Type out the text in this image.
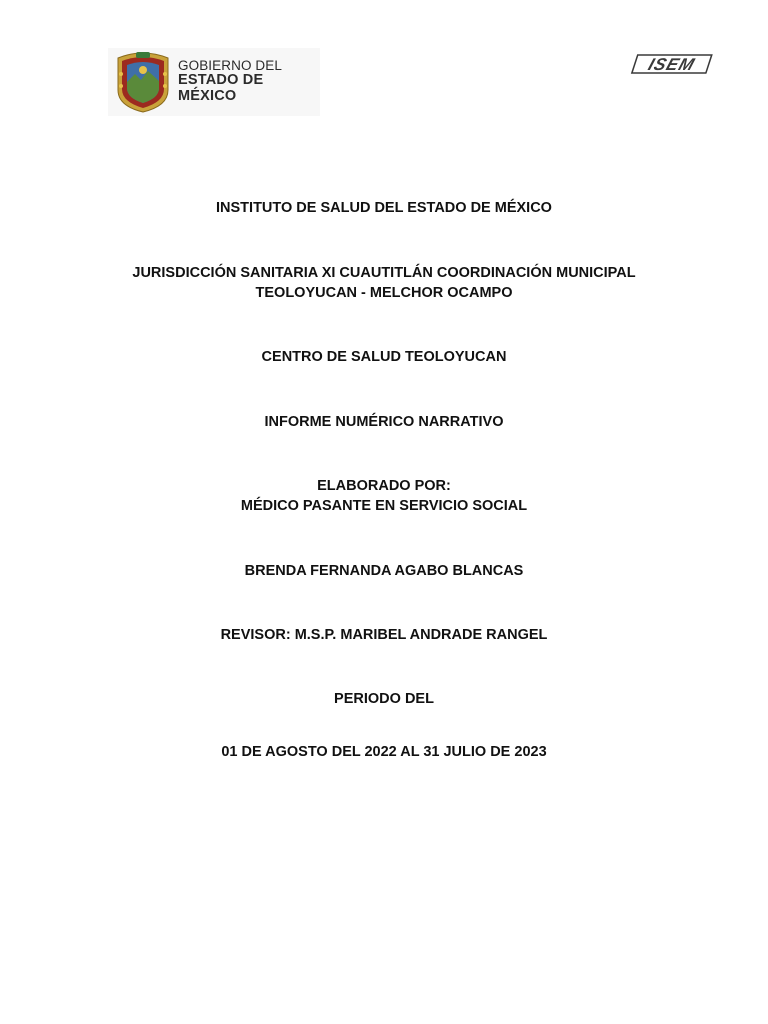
GOBIERNO DEL
ESTADO DE MÉXICO
ISEM
INSTITUTO DE SALUD DEL ESTADO DE MÉXICO
JURISDICCIÓN SANITARIA XI CUAUTITLÁN COORDINACIÓN MUNICIPAL
TEOLOYUCAN - MELCHOR OCAMPO
CENTRO DE SALUD TEOLOYUCAN
INFORME NUMÉRICO NARRATIVO
ELABORADO POR:
MÉDICO PASANTE EN SERVICIO SOCIAL
BRENDA FERNANDA AGABO BLANCAS
REVISOR: M.S.P. MARIBEL ANDRADE RANGEL
PERIODO DEL
01 DE AGOSTO DEL 2022 AL 31 JULIO DE 2023
